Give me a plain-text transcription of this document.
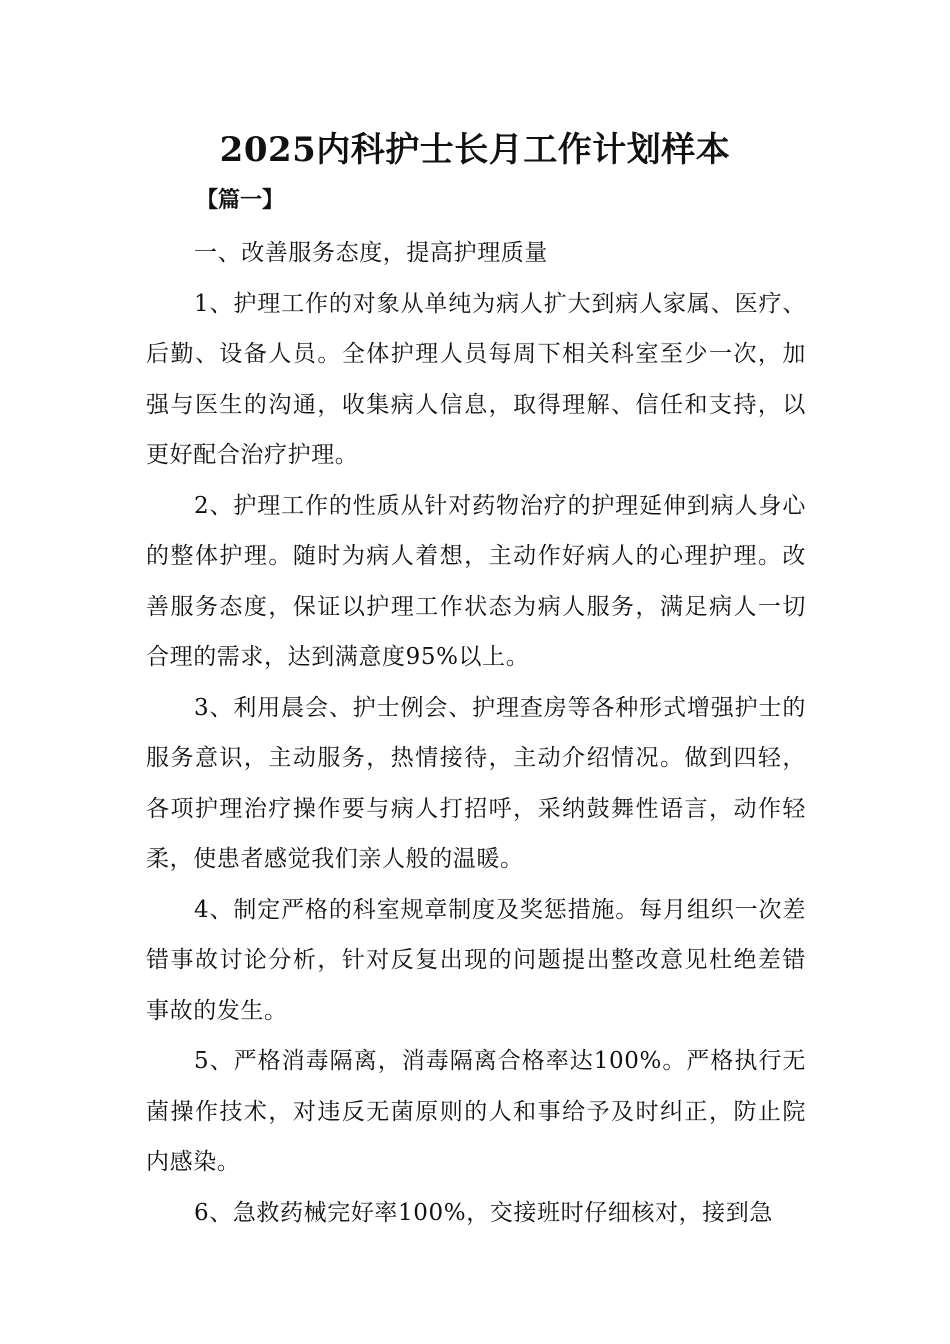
2025内科护士长月工作计划样本

【篇一】

一、改善服务态度，提高护理质量

1、护理工作的对象从单纯为病人扩大到病人家属、医疗、后勤、设备人员。全体护理人员每周下相关科室至少一次，加强与医生的沟通，收集病人信息，取得理解、信任和支持，以更好配合治疗护理。

2、护理工作的性质从针对药物治疗的护理延伸到病人身心的整体护理。随时为病人着想，主动作好病人的心理护理。改善服务态度，保证以护理工作状态为病人服务，满足病人一切合理的需求，达到满意度95%以上。

3、利用晨会、护士例会、护理查房等各种形式增强护士的服务意识，主动服务，热情接待，主动介绍情况。做到四轻，各项护理治疗操作要与病人打招呼，采纳鼓舞性语言，动作轻柔，使患者感觉我们亲人般的温暖。

4、制定严格的科室规章制度及奖惩措施。每月组织一次差错事故讨论分析，针对反复出现的问题提出整改意见杜绝差错事故的发生。

5、严格消毒隔离，消毒隔离合格率达100%。严格执行无菌操作技术，对违反无菌原则的人和事给予及时纠正，防止院内感染。

6、急救药械完好率100%，交接班时仔细核对，接到急
